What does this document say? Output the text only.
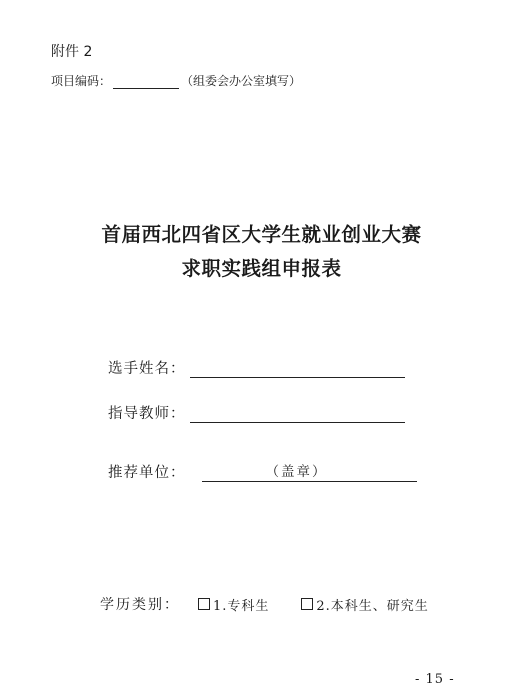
附件 2
项目编码：	（组委会办公室填写）
首届西北四省区大学生就业创业大赛
求职实践组申报表
选手姓名：
指导教师：
推荐单位：	（盖章）
学历类别：	1.专科生	2.本科生、研究生
- 15 -
